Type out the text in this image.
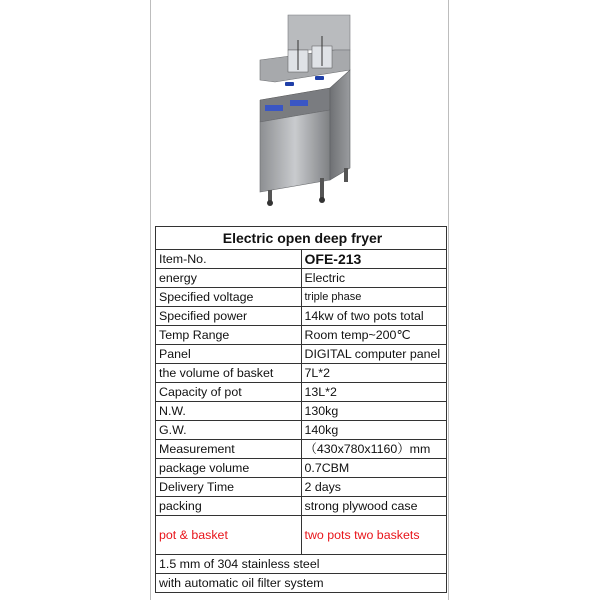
Electric open deep fryer	
Item-No.	OFE-213
energy	Electric
Specified voltage	triple phase
Specified power	14kw of two pots total
Temp Range	Room temp~200℃
Panel	DIGITAL computer panel
the volume of basket	7L*2
Capacity of pot	13L*2
N.W.	130kg
G.W.	140kg
Measurement	（430x780x1160）mm
package volume	0.7CBM
Delivery Time	2 days
packing	strong plywood case
pot & basket	two pots two baskets
1.5 mm of 304 stainless steel	
with automatic oil filter system	
